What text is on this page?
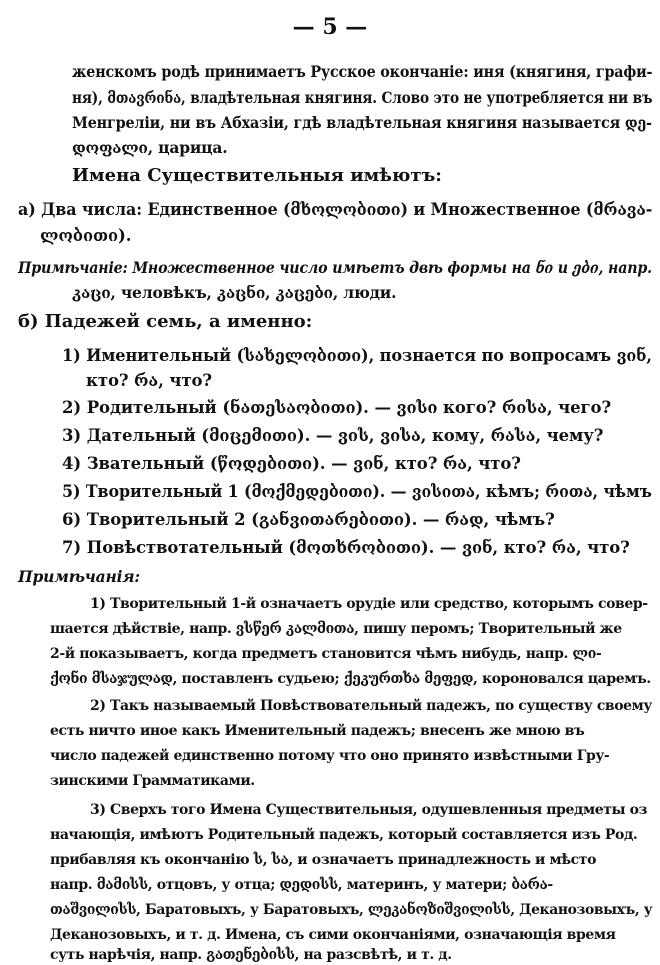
— 5 —
женскомъ родѣ принимаетъ Русское окончаніе: иня (княгиня, графи-
ня), მთავრინა, владѣтельная княгиня. Слово это не употребляется ни въ
Менгреліи, ни въ Абхазіи, гдѣ владѣтельная княгиня называется დე-
დოფალი, царица.
Имена Существительныя имѣютъ:
а) Два числа: Единственное (მხოლობითი) и Множественное (მრავა-
ლობითი).
Примѣчаніе: Множественное число имѣетъ двѣ формы на ნი и ები, напр.
კაცი, человѣкъ, კაცნი, კაცები, люди.
б) Падежей семь, а именно:
1) Именительный (სახელობითი), познается по вопросамъ ვინ,
кто? რა, что?
2) Родительный (ნათესაობითი). — ვისი кого? რისა, чего?
3) Дательный (მიცემითი). — ვის, ვისა, кому, რასა, чему?
4) Звательный (წოდებითი). — ვინ, кто? რა, что?
5) Творительный 1 (მოქმედებითი). — ვისითა, кѣмъ; რითა, чѣмъ
6) Творительный 2 (განვითარებითი). — რად, чѣмъ?
7) Повѣствотательный (მოთხრობითი). — ვინ, кто? რა, что?
Примѣчанія:
1) Творительный 1-й означаетъ орудіе или средство, которымъ совер-
шается дѣйствіе, напр. ვსწერ კალმითა, пишу перомъ; Творительный же
2-й показываетъ, когда предметъ становится чѣмъ нибудь, напр. ლი-
ქონი მსაჯულად, поставленъ судьею; ქეკურთხა მეფედ, короновался царемъ.
2) Такъ называемый Повѣствовательный падежъ, по существу своему
есть ничто иное какъ Именительный падежъ; внесенъ же мною въ
число падежей единственно потому что оно принято извѣстными Гру-
зинскими Грамматиками.
3) Сверхъ того Имена Существительныя, одушевленныя предметы оз
начающія, имѣютъ Родительный падежъ, который составляется изъ Род.
прибавляя къ окончанію ს, სა, и означаетъ принадлежность и мѣсто
напр. მამისს, отцовъ, у отца; დედისს, материнъ, у матери; ბარა-
თაშვილისს, Баратовыхъ, у Баратовыхъ, ლეკანოზიშვილისს, Деканозовыхъ, у
Деканозовыхъ, и т. д. Имена, съ сими окончаніями, означающія время
суть нарѣчія, напр. გათენებისს, на разсвѣтѣ, и т. д.
